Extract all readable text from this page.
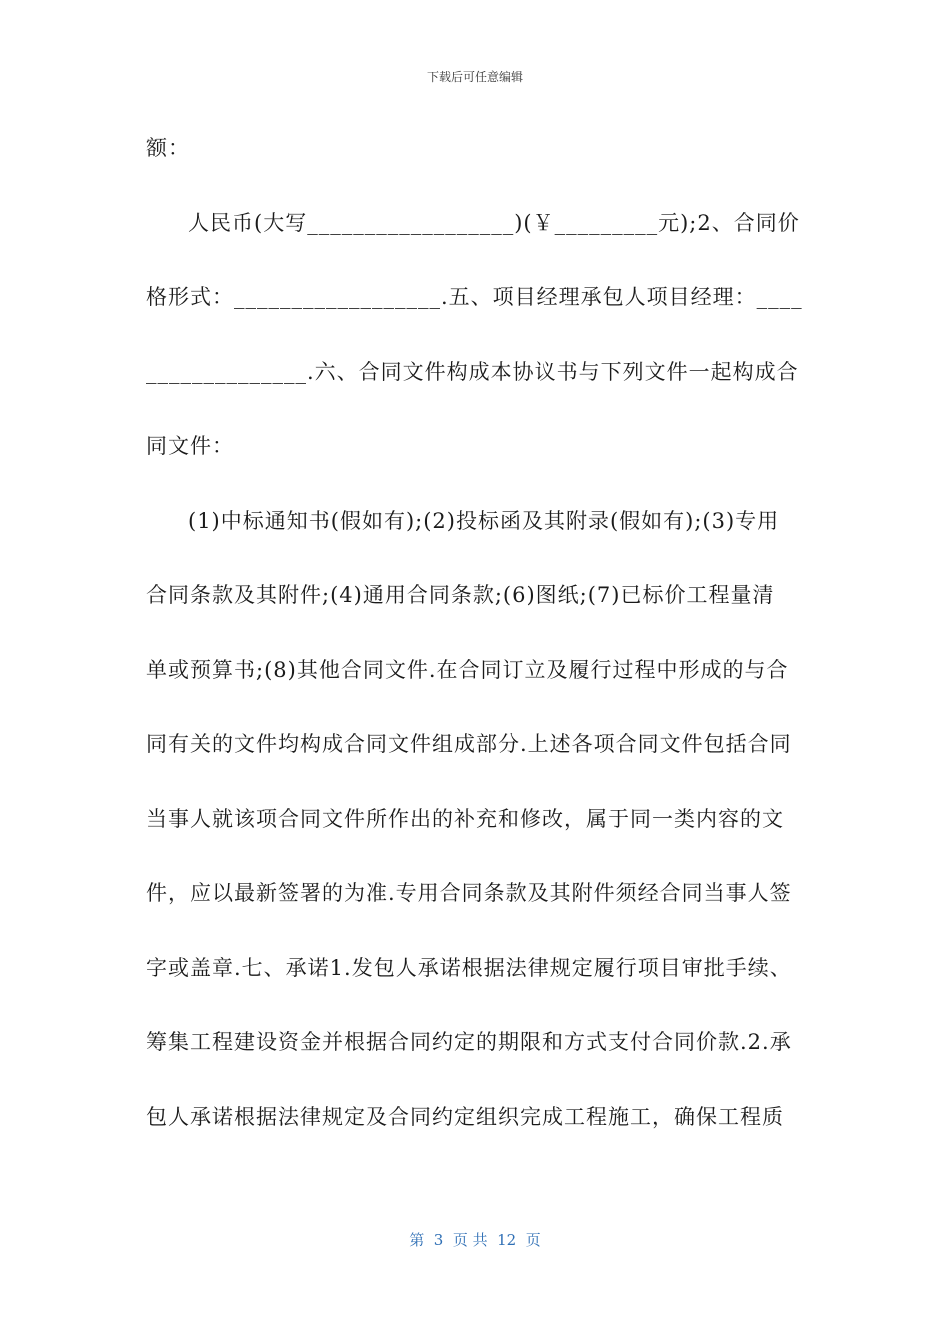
下载后可任意编辑
额：
人民币(大写__________________)(￥_________元);2、合同价
格形式：__________________.五、项目经理承包人项目经理：____
______________.六、合同文件构成本协议书与下列文件一起构成合
同文件：
(1)中标通知书(假如有);(2)投标函及其附录(假如有);(3)专用
合同条款及其附件;(4)通用合同条款;(6)图纸;(7)已标价工程量清
单或预算书;(8)其他合同文件.在合同订立及履行过程中形成的与合
同有关的文件均构成合同文件组成部分.上述各项合同文件包括合同
当事人就该项合同文件所作出的补充和修改，属于同一类内容的文
件，应以最新签署的为准.专用合同条款及其附件须经合同当事人签
字或盖章.七、承诺1.发包人承诺根据法律规定履行项目审批手续、
筹集工程建设资金并根据合同约定的期限和方式支付合同价款.2.承
包人承诺根据法律规定及合同约定组织完成工程施工，确保工程质
第  3  页 共  12  页
